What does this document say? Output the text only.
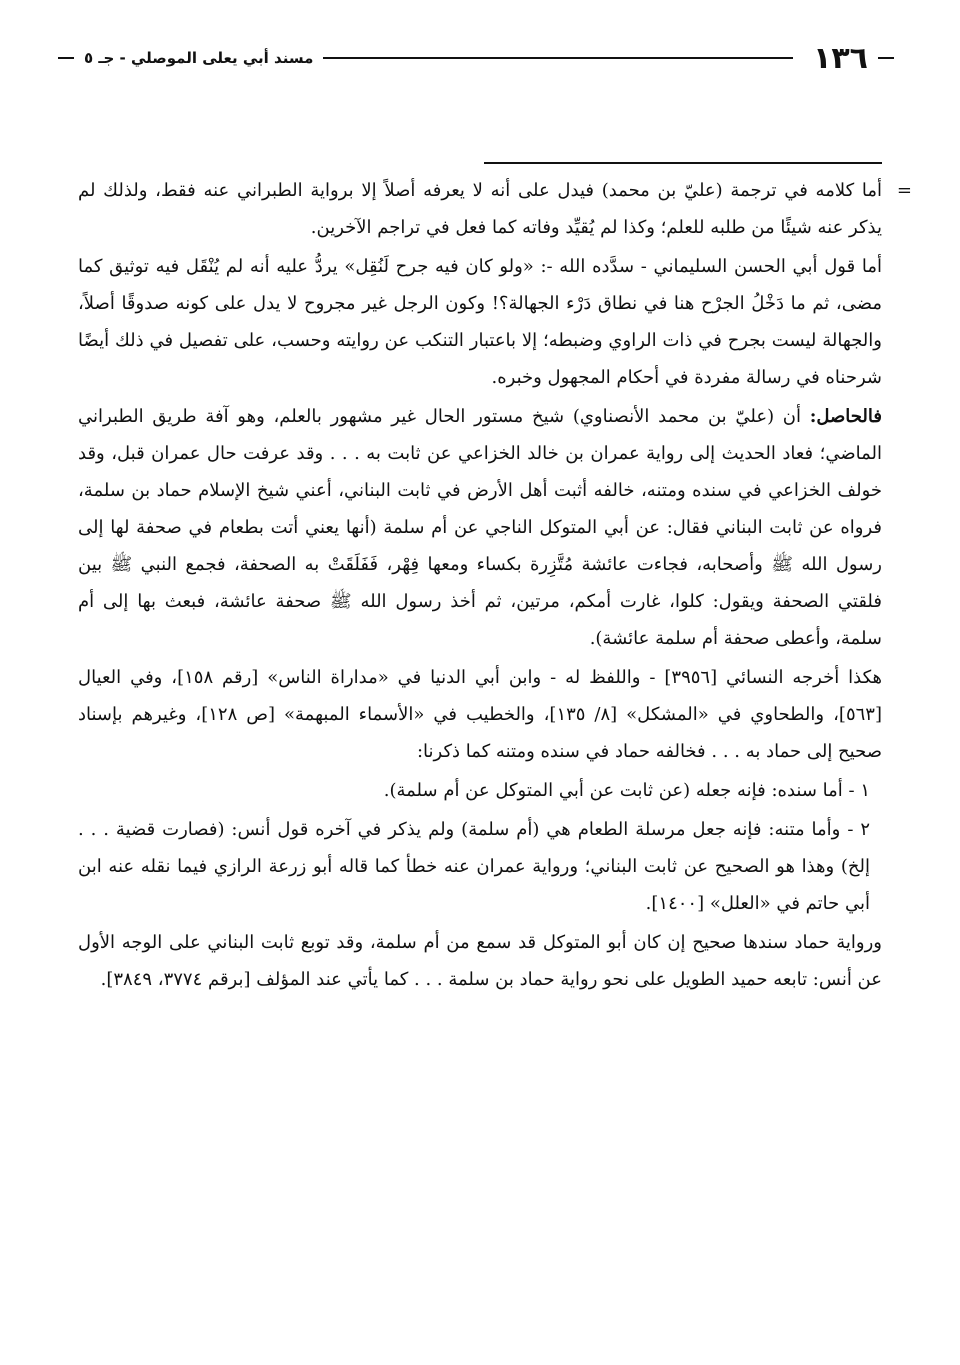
١٣٦
مسند أبي يعلى الموصلي - جـ ٥

=
أما كلامه في ترجمة (عليّ بن محمد) فيدل على أنه لا يعرفه أصلاً إلا برواية الطبراني عنه فقط، ولذلك لم يذكر عنه شيئًا من طلبه للعلم؛ وكذا لم يُقيِّد وفاته كما فعل في تراجم الآخرين.

أما قول أبي الحسن السليماني - سدَّده الله -: «ولو كان فيه جرح لَنُقِل» يردُّ عليه أنه لم يُنْقَل فيه توثيق كما مضى، ثم ما دَخْلُ الجرْح هنا في نطاق دَرْء الجهالة؟! وكون الرجل غير مجروح لا يدل على كونه صدوقًا أصلاً، والجهالة ليست بجرح في ذات الراوي وضبطه؛ إلا باعتبار التنكب عن روايته وحسب، على تفصيل في ذلك أيضًا شرحناه في رسالة مفردة في أحكام المجهول وخبره.

فالحاصل: أن (عليّ بن محمد الأنصناوي) شيخ مستور الحال غير مشهور بالعلم، وهو آفة طريق الطبراني الماضي؛ فعاد الحديث إلى رواية عمران بن خالد الخزاعي عن ثابت به . . . وقد عرفت حال عمران قبل، وقد خولف الخزاعي في سنده ومتنه، خالفه أثبت أهل الأرض في ثابت البناني، أعني شيخ الإسلام حماد بن سلمة، فرواه عن ثابت البناني فقال: عن أبي المتوكل الناجي عن أم سلمة (أنها يعني أتت بطعام في صحفة لها إلى رسول الله ﷺ وأصحابه، فجاءت عائشة مُتَّزِرة بكساء ومعها فِهْر، فَفَلَقَتْ به الصحفة، فجمع النبي ﷺ بين فلقتي الصحفة ويقول: كلوا، غارت أمكم، مرتين، ثم أخذ رسول الله ﷺ صحفة عائشة، فبعث بها إلى أم سلمة، وأعطى صحفة أم سلمة عائشة).

هكذا أخرجه النسائي [٣٩٥٦] - واللفظ له - وابن أبي الدنيا في «مداراة الناس» [رقم ١٥٨]، وفي العيال [٥٦٣]، والطحاوي في «المشكل» [٨/ ١٣٥]، والخطيب في «الأسماء المبهمة» [ص ١٢٨]، وغيرهم بإسناد صحيح إلى حماد به . . . فخالفه حماد في سنده ومتنه كما ذكرنا:

١ - أما سنده: فإنه جعله (عن ثابت عن أبي المتوكل عن أم سلمة).

٢ - وأما متنه: فإنه جعل مرسلة الطعام هي (أم سلمة) ولم يذكر في آخره قول أنس: (فصارت قضية . . . إلخ) وهذا هو الصحيح عن ثابت البناني؛ ورواية عمران عنه خطأ كما قاله أبو زرعة الرازي فيما نقله عنه ابن أبي حاتم في «العلل» [١٤٠٠].

ورواية حماد سندها صحيح إن كان أبو المتوكل قد سمع من أم سلمة، وقد توبع ثابت البناني على الوجه الأول عن أنس: تابعه حميد الطويل على نحو رواية حماد بن سلمة . . . كما يأتي عند المؤلف [برقم ٣٧٧٤، ٣٨٤٩].
